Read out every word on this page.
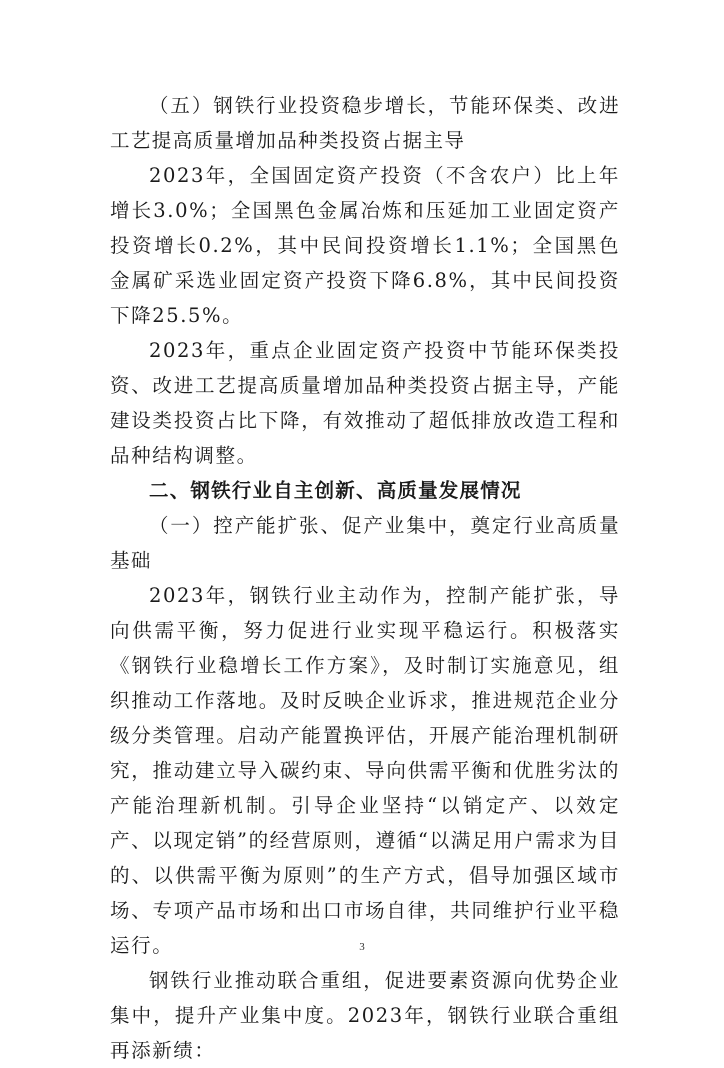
（五）钢铁行业投资稳步增长，节能环保类、改进工艺提高质量增加品种类投资占据主导

2023年，全国固定资产投资（不含农户）比上年增长3.0%；全国黑色金属冶炼和压延加工业固定资产投资增长0.2%，其中民间投资增长1.1%；全国黑色金属矿采选业固定资产投资下降6.8%，其中民间投资下降25.5%。

2023年，重点企业固定资产投资中节能环保类投资、改进工艺提高质量增加品种类投资占据主导，产能建设类投资占比下降，有效推动了超低排放改造工程和品种结构调整。

二、钢铁行业自主创新、高质量发展情况

（一）控产能扩张、促产业集中，奠定行业高质量基础

2023年，钢铁行业主动作为，控制产能扩张，导向供需平衡，努力促进行业实现平稳运行。积极落实《钢铁行业稳增长工作方案》，及时制订实施意见，组织推动工作落地。及时反映企业诉求，推进规范企业分级分类管理。启动产能置换评估，开展产能治理机制研究，推动建立导入碳约束、导向供需平衡和优胜劣汰的产能治理新机制。引导企业坚持“以销定产、以效定产、以现定销”的经营原则，遵循“以满足用户需求为目的、以供需平衡为原则”的生产方式，倡导加强区域市场、专项产品市场和出口市场自律，共同维护行业平稳运行。

钢铁行业推动联合重组，促进要素资源向优势企业集中，提升产业集中度。2023年，钢铁行业联合重组再添新绩：

3
